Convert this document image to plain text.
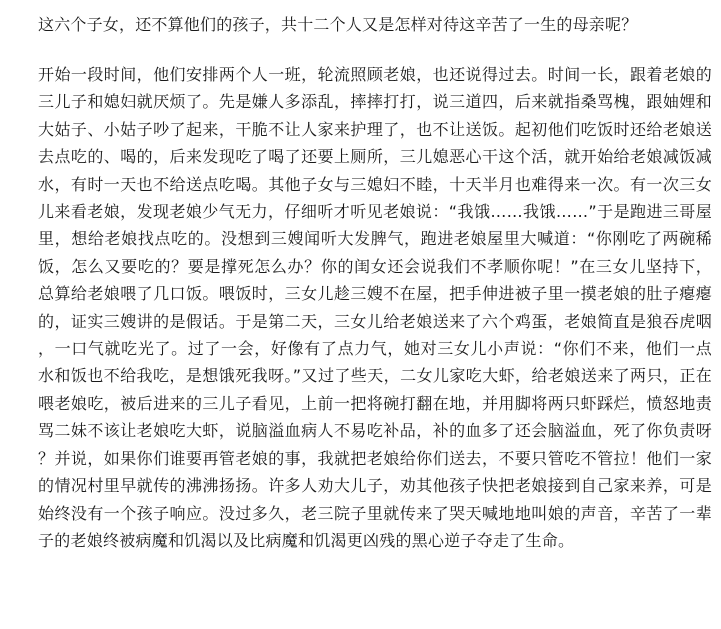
这六个子女，还不算他们的孩子，共十二个人又是怎样对待这辛苦了一生的母亲呢？

开始一段时间，他们安排两个人一班，轮流照顾老娘，也还说得过去。时间一长，跟着老娘的三儿子和媳妇就厌烦了。先是嫌人多添乱，摔摔打打，说三道四，后来就指桑骂槐，跟妯娌和大姑子、小姑子吵了起来，干脆不让人家来护理了，也不让送饭。起初他们吃饭时还给老娘送去点吃的、喝的，后来发现吃了喝了还要上厕所，三儿媳恶心干这个活，就开始给老娘减饭减水，有时一天也不给送点吃喝。其他子女与三媳妇不睦，十天半月也难得来一次。有一次三女儿来看老娘，发现老娘少气无力，仔细听才听见老娘说：“我饿……我饿……”于是跑进三哥屋里，想给老娘找点吃的。没想到三嫂闻听大发脾气，跑进老娘屋里大喊道：“你刚吃了两碗稀饭，怎么又要吃的？要是撑死怎么办？你的闺女还会说我们不孝顺你呢！”在三女儿坚持下，总算给老娘喂了几口饭。喂饭时，三女儿趁三嫂不在屋，把手伸进被子里一摸老娘的肚子瘪瘪的，证实三嫂讲的是假话。于是第二天，三女儿给老娘送来了六个鸡蛋，老娘简直是狼吞虎咽，一口气就吃光了。过了一会，好像有了点力气，她对三女儿小声说：“你们不来，他们一点水和饭也不给我吃，是想饿死我呀。”又过了些天，二女儿家吃大虾，给老娘送来了两只，正在喂老娘吃，被后进来的三儿子看见，上前一把将碗打翻在地，并用脚将两只虾踩烂，愤怒地责骂二妹不该让老娘吃大虾，说脑溢血病人不易吃补品，补的血多了还会脑溢血，死了你负责呀？并说，如果你们谁要再管老娘的事，我就把老娘给你们送去，不要只管吃不管拉！他们一家的情况村里早就传的沸沸扬扬。许多人劝大儿子，劝其他孩子快把老娘接到自己家来养，可是始终没有一个孩子响应。没过多久，老三院子里就传来了哭天喊地地叫娘的声音，辛苦了一辈子的老娘终被病魔和饥渴以及比病魔和饥渴更凶残的黑心逆子夺走了生命。
